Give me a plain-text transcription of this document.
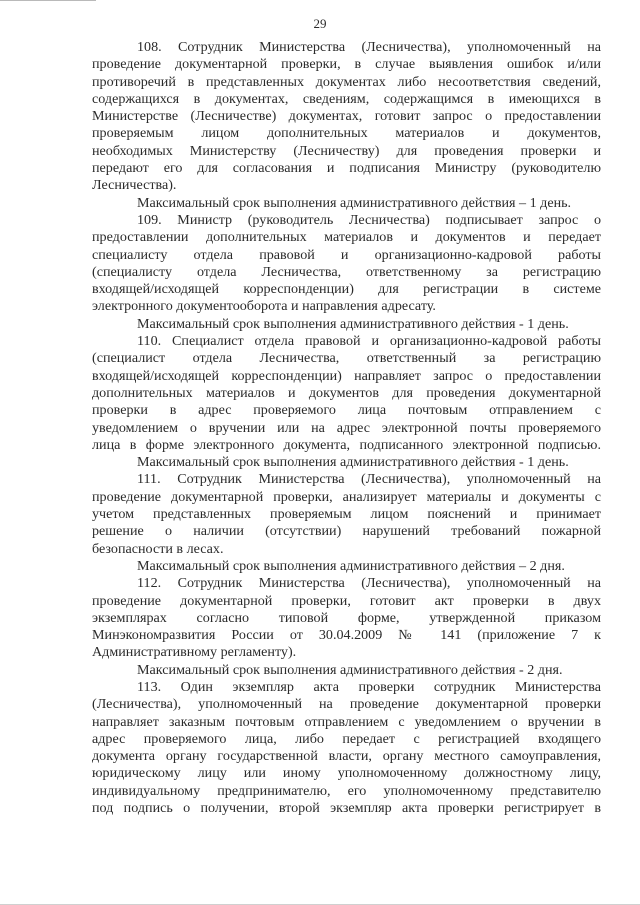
29
108. Сотрудник Министерства (Лесничества), уполномоченный на
проведение документарной проверки, в случае выявления ошибок и/или
противоречий в представленных документах либо несоответствия сведений,
содержащихся в документах, сведениям, содержащимся в имеющихся в
Министерстве (Лесничестве) документах, готовит запрос о предоставлении
проверяемым лицом дополнительных материалов и документов,
необходимых Министерству (Лесничеству) для проведения проверки и
передают его для согласования и подписания Министру (руководителю
Лесничества).
Максимальный срок выполнения административного действия – 1 день.
109. Министр (руководитель Лесничества) подписывает запрос о
предоставлении дополнительных материалов и документов и передает
специалисту отдела правовой и организационно-кадровой работы
(специалисту отдела Лесничества, ответственному за регистрацию
входящей/исходящей корреспонденции) для регистрации в системе
электронного документооборота и направления адресату.
Максимальный срок выполнения административного действия - 1 день.
110. Специалист отдела правовой и организационно-кадровой работы
(специалист отдела Лесничества, ответственный за регистрацию
входящей/исходящей корреспонденции) направляет запрос о предоставлении
дополнительных материалов и документов для проведения документарной
проверки в адрес проверяемого лица почтовым отправлением с
уведомлением о вручении или на адрес электронной почты проверяемого
лица в форме электронного документа, подписанного электронной подписью.
Максимальный срок выполнения административного действия - 1 день.
111. Сотрудник Министерства (Лесничества), уполномоченный на
проведение документарной проверки, анализирует материалы и документы с
учетом представленных проверяемым лицом пояснений и принимает
решение о наличии (отсутствии) нарушений требований пожарной
безопасности в лесах.
Максимальный срок выполнения административного действия – 2 дня.
112. Сотрудник Министерства (Лесничества), уполномоченный на
проведение документарной проверки, готовит акт проверки в двух
экземплярах согласно типовой форме, утвержденной приказом
Минэкономразвития России от 30.04.2009 № 141 (приложение 7 к
Административному регламенту).
Максимальный срок выполнения административного действия - 2 дня.
113. Один экземпляр акта проверки сотрудник Министерства
(Лесничества), уполномоченный на проведение документарной проверки
направляет заказным почтовым отправлением с уведомлением о вручении в
адрес проверяемого лица, либо передает с регистрацией входящего
документа органу государственной власти, органу местного самоуправления,
юридическому лицу или иному уполномоченному должностному лицу,
индивидуальному предпринимателю, его уполномоченному представителю
под подпись о получении, второй экземпляр акта проверки регистрирует в
